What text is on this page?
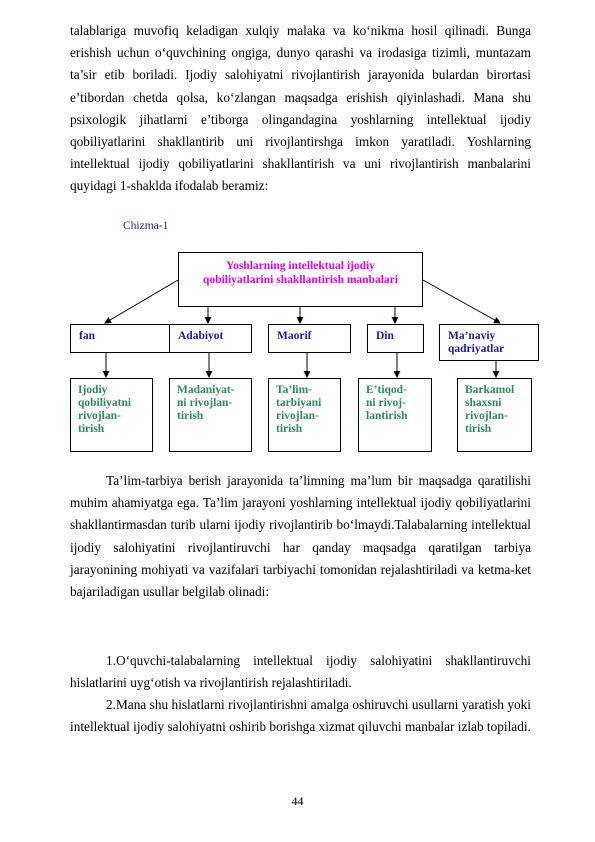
talablariga muvofiq keladigan xulqiy malaka va ko‘nikma hosil qilinadi. Bunga erishish uchun o‘quvchining ongiga, dunyo qarashi va irodasiga tizimli, muntazam ta’sir etib boriladi. Ijodiy salohiyatni rivojlantirish jarayonida bulardan birortasi e’tibordan chetda qolsa, ko‘zlangan maqsadga erishish qiyinlashadi. Mana shu psixologik jihatlarni e’tiborga olingandagina yoshlarning intellektual ijodiy qobiliyatlarini shakllantirib uni rivojlantirshga imkon yaratiladi. Yoshlarning intellektual ijodiy qobiliyatlarini shakllantirish va uni rivojlantirish manbalarini quyidagi 1-shaklda ifodalab beramiz:

Chizma-1
Yoshlarning intellektual ijodiy
qobiliyatlarini shakllantirish manbalari
fan	Adabiyot	Maorif	Din	Ma’naviy
qadriyatlar
Ijodiy
qobiliyatni
rivojlan-
tirish
Madaniyat-
ni rivojlan-
tirish
Ta’lim-
tarbiyani
rivojlan-
tirish
E’tiqod-
ni rivoj-
lantirish
Barkamol
shaxsni
rivojlan-
tirish

Ta’lim-tarbiya berish jarayonida ta’limning ma’lum bir maqsadga qaratilishi muhim ahamiyatga ega. Ta’lim jarayoni yoshlarning intellektual ijodiy qobiliyatlarini shakllantirmasdan turib ularni ijodiy rivojlantirib bo‘lmaydi.Talabalarning intellektual ijodiy salohiyatini rivojlantiruvchi har qanday maqsadga qaratilgan tarbiya jarayonining mohiyati va vazifalari tarbiyachi tomonidan rejalashtiriladi va ketma-ket bajariladigan usullar belgilab olinadi:

1.O‘quvchi-talabalarning intellektual ijodiy salohiyatini shakllantiruvchi hislatlarini uyg‘otish va rivojlantirish rejalashtiriladi.

2.Mana shu hislatlarni rivojlantirishni amalga oshiruvchi usullarni yaratish yoki intellektual ijodiy salohiyatni oshirib borishga xizmat qiluvchi manbalar izlab topiladi.

44
